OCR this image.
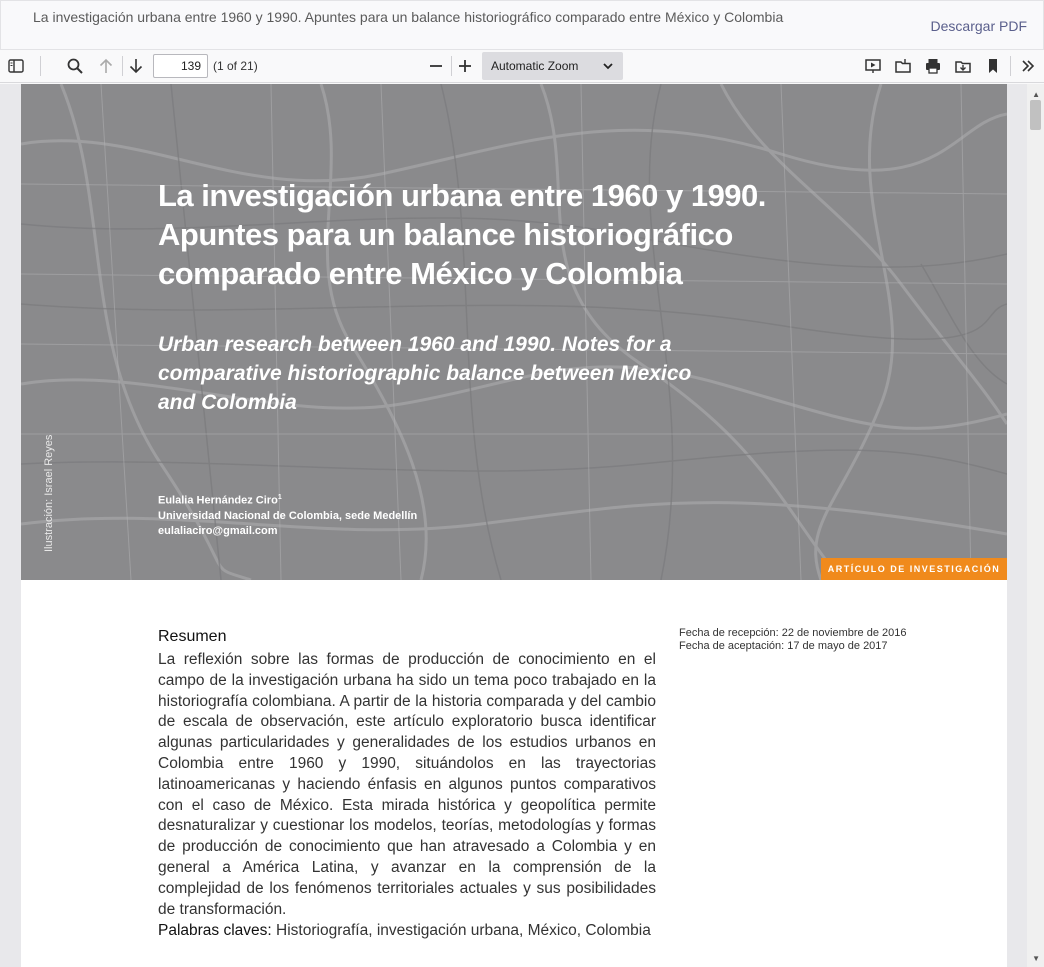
La investigación urbana entre 1960 y 1990. Apuntes para un balance historiográfico comparado entre México y Colombia
Descargar PDF
139	(1 of 21)	Automatic Zoom
La investigación urbana entre 1960 y 1990. Apuntes para un balance historiográfico comparado entre México y Colombia
Urban research between 1960 and 1990. Notes for a comparative historiographic balance between Mexico and Colombia
Eulalia Hernández Ciro$^1$
Universidad Nacional de Colombia, sede Medellín
eulaliaciro@gmail.com
Ilustración: Israel Reyes
ARTÍCULO DE INVESTIGACIÓN
Resumen
La reflexión sobre las formas de producción de conocimiento en el campo de la investigación urbana ha sido un tema poco trabajado en la historiografía colombiana. A partir de la historia comparada y del cambio de escala de observación, este artículo exploratorio busca identificar algunas particularidades y generalidades de los estudios urbanos en Colombia entre 1960 y 1990, situándolos en las trayectorias latinoamericanas y haciendo énfasis en algunos puntos comparativos con el caso de México. Esta mirada histórica y geopolítica permite desnaturalizar y cuestionar los modelos, teorías, metodologías y formas de producción de conocimiento que han atravesado a Colombia y en general a América Latina, y avanzar en la comprensión de la complejidad de los fenómenos territoriales actuales y sus posibilidades de transformación.
Palabras claves: Historiografía, investigación urbana, México, Colombia
Fecha de recepción: 22 de noviembre de 2016
Fecha de aceptación: 17 de mayo de 2017
▲
▼
